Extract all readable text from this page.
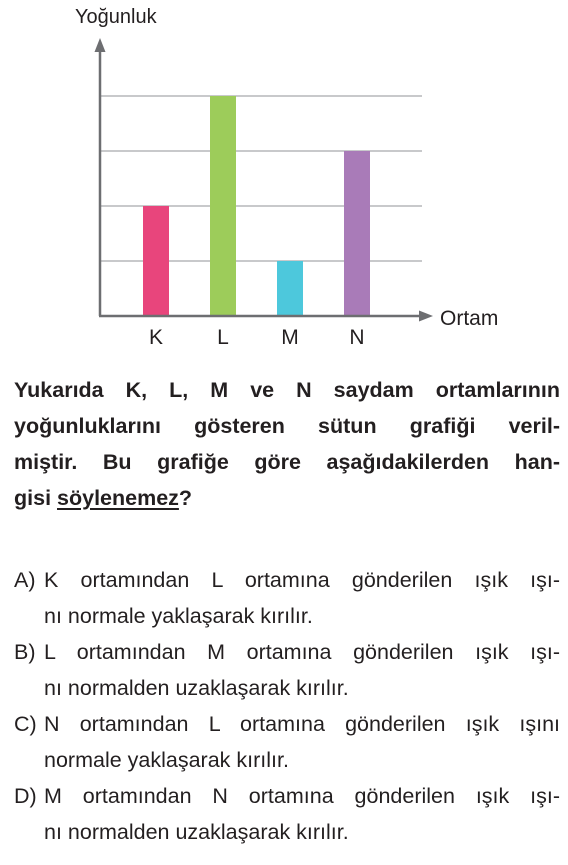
Yoğunluk
Ortam
K	L M N
Yukarıda K, L, M ve N saydam ortamlarının
yoğunluklarını gösteren sütun grafiği veril-
miştir. Bu grafiğe göre aşağıdakilerden han-
gisi söylenemez?
A) K ortamından L ortamına gönderilen ışık ışı-
nı normale yaklaşarak kırılır.
B) L ortamından M ortamına gönderilen ışık ışı-
nı normalden uzaklaşarak kırılır.
C) N ortamından L ortamına gönderilen ışık ışını
normale yaklaşarak kırılır.
D) M ortamından N ortamına gönderilen ışık ışı-
nı normalden uzaklaşarak kırılır.
